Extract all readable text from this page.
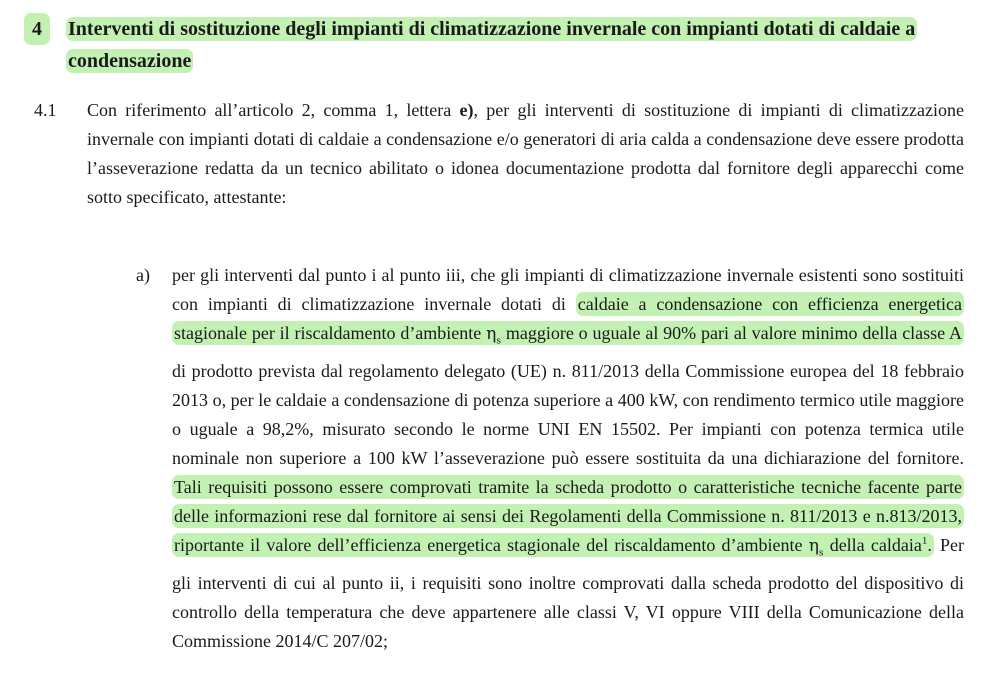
4	Interventi di sostituzione degli impianti di climatizzazione invernale con impianti dotati di caldaie a condensazione
4.1 Con riferimento all’articolo 2, comma 1, lettera e), per gli interventi di sostituzione di impianti di climatizzazione invernale con impianti dotati di caldaie a condensazione e/o generatori di aria calda a condensazione deve essere prodotta l’asseverazione redatta da un tecnico abilitato o idonea documentazione prodotta dal fornitore degli apparecchi come sotto specificato, attestante:
a) per gli interventi dal punto i al punto iii, che gli impianti di climatizzazione invernale esistenti sono sostituiti con impianti di climatizzazione invernale dotati di caldaie a condensazione con efficienza energetica stagionale per il riscaldamento d’ambiente $\eta_s$ maggiore o uguale al 90% pari al valore minimo della classe A di prodotto prevista dal regolamento delegato (UE) n. 811/2013 della Commissione europea del 18 febbraio 2013 o, per le caldaie a condensazione di potenza superiore a 400 kW, con rendimento termico utile maggiore o uguale a 98,2%, misurato secondo le norme UNI EN 15502. Per impianti con potenza termica utile nominale non superiore a 100 kW l’asseverazione può essere sostituita da una dichiarazione del fornitore. Tali requisiti possono essere comprovati tramite la scheda prodotto o caratteristiche tecniche facente parte delle informazioni rese dal fornitore ai sensi dei Regolamenti della Commissione n. 811/2013 e n.813/2013, riportante il valore dell’efficienza energetica stagionale del riscaldamento d’ambiente $\eta_s$ della caldaia$^1$. Per gli interventi di cui al punto ii, i requisiti sono inoltre comprovati dalla scheda prodotto del dispositivo di controllo della temperatura che deve appartenere alle classi V, VI oppure VIII della Comunicazione della Commissione 2014/C 207/02;
